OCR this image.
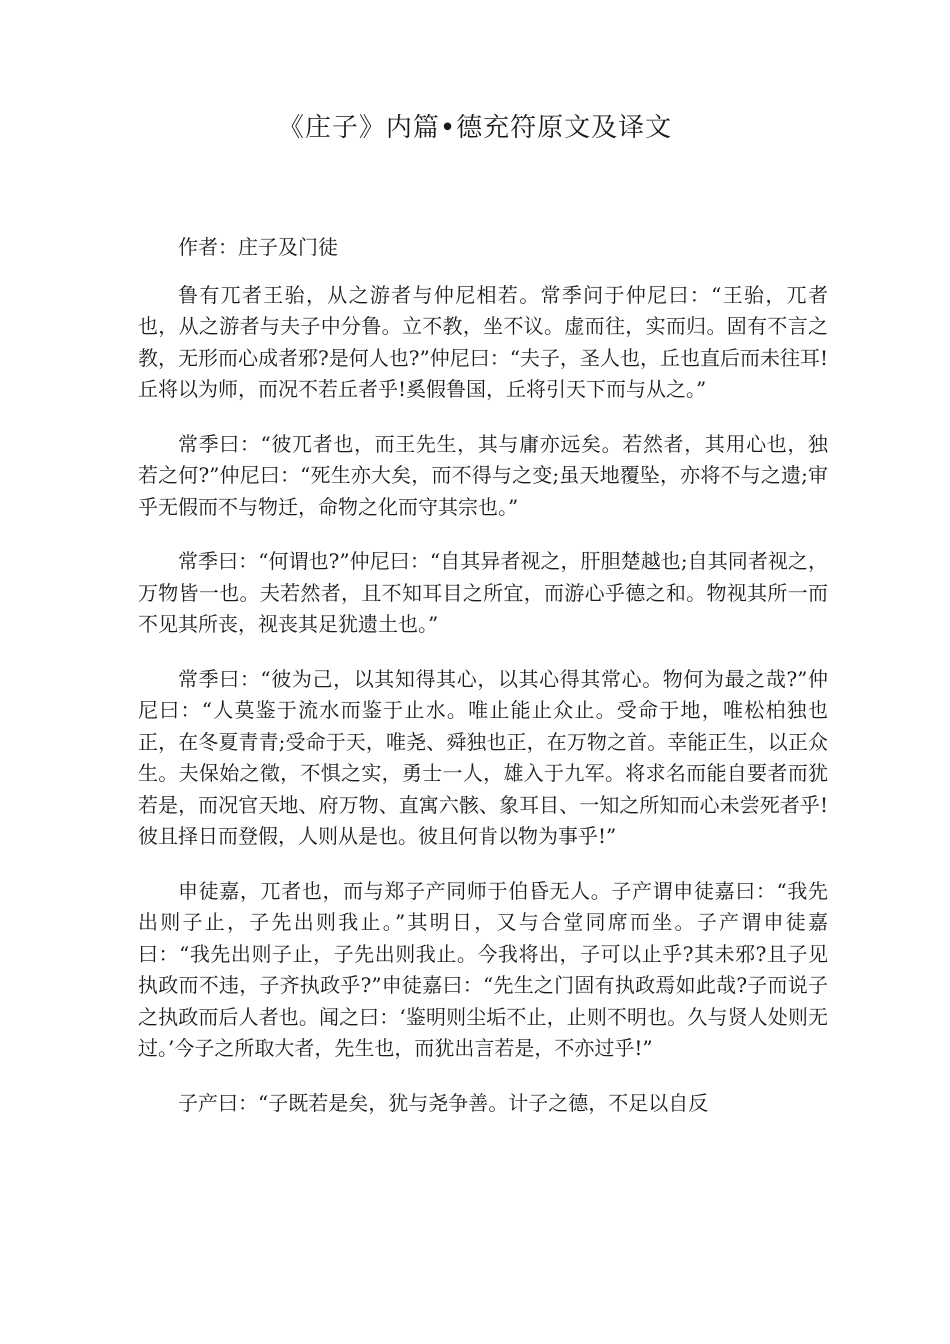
《庄子》内篇•德充符原文及译文

作者：庄子及门徒

鲁有兀者王骀，从之游者与仲尼相若。常季问于仲尼曰：“王骀，兀者也，从之游者与夫子中分鲁。立不教，坐不议。虚而往，实而归。固有不言之教，无形而心成者邪?是何人也?”仲尼曰：“夫子，圣人也，丘也直后而未往耳!丘将以为师，而况不若丘者乎!奚假鲁国，丘将引天下而与从之。”

常季曰：“彼兀者也，而王先生，其与庸亦远矣。若然者，其用心也，独若之何?”仲尼曰：“死生亦大矣，而不得与之变;虽天地覆坠，亦将不与之遗;审乎无假而不与物迁，命物之化而守其宗也。”

常季曰：“何谓也?”仲尼曰：“自其异者视之，肝胆楚越也;自其同者视之，万物皆一也。夫若然者，且不知耳目之所宜，而游心乎德之和。物视其所一而不见其所丧，视丧其足犹遗土也。”

常季曰：“彼为己，以其知得其心，以其心得其常心。物何为最之哉?”仲尼曰：“人莫鉴于流水而鉴于止水。唯止能止众止。受命于地，唯松柏独也正，在冬夏青青;受命于天，唯尧、舜独也正，在万物之首。幸能正生，以正众生。夫保始之徵，不惧之实，勇士一人，雄入于九军。将求名而能自要者而犹若是，而况官天地、府万物、直寓六骸、象耳目、一知之所知而心未尝死者乎!彼且择日而登假，人则从是也。彼且何肯以物为事乎!”

申徒嘉，兀者也，而与郑子产同师于伯昏无人。子产谓申徒嘉曰：“我先出则子止，子先出则我止。”其明日，又与合堂同席而坐。子产谓申徒嘉曰：“我先出则子止，子先出则我止。今我将出，子可以止乎?其未邪?且子见执政而不违，子齐执政乎?”申徒嘉曰：“先生之门固有执政焉如此哉?子而说子之执政而后人者也。闻之曰：‘鉴明则尘垢不止，止则不明也。久与贤人处则无过。’今子之所取大者，先生也，而犹出言若是，不亦过乎!”

子产曰：“子既若是矣，犹与尧争善。计子之德，不足以自反
